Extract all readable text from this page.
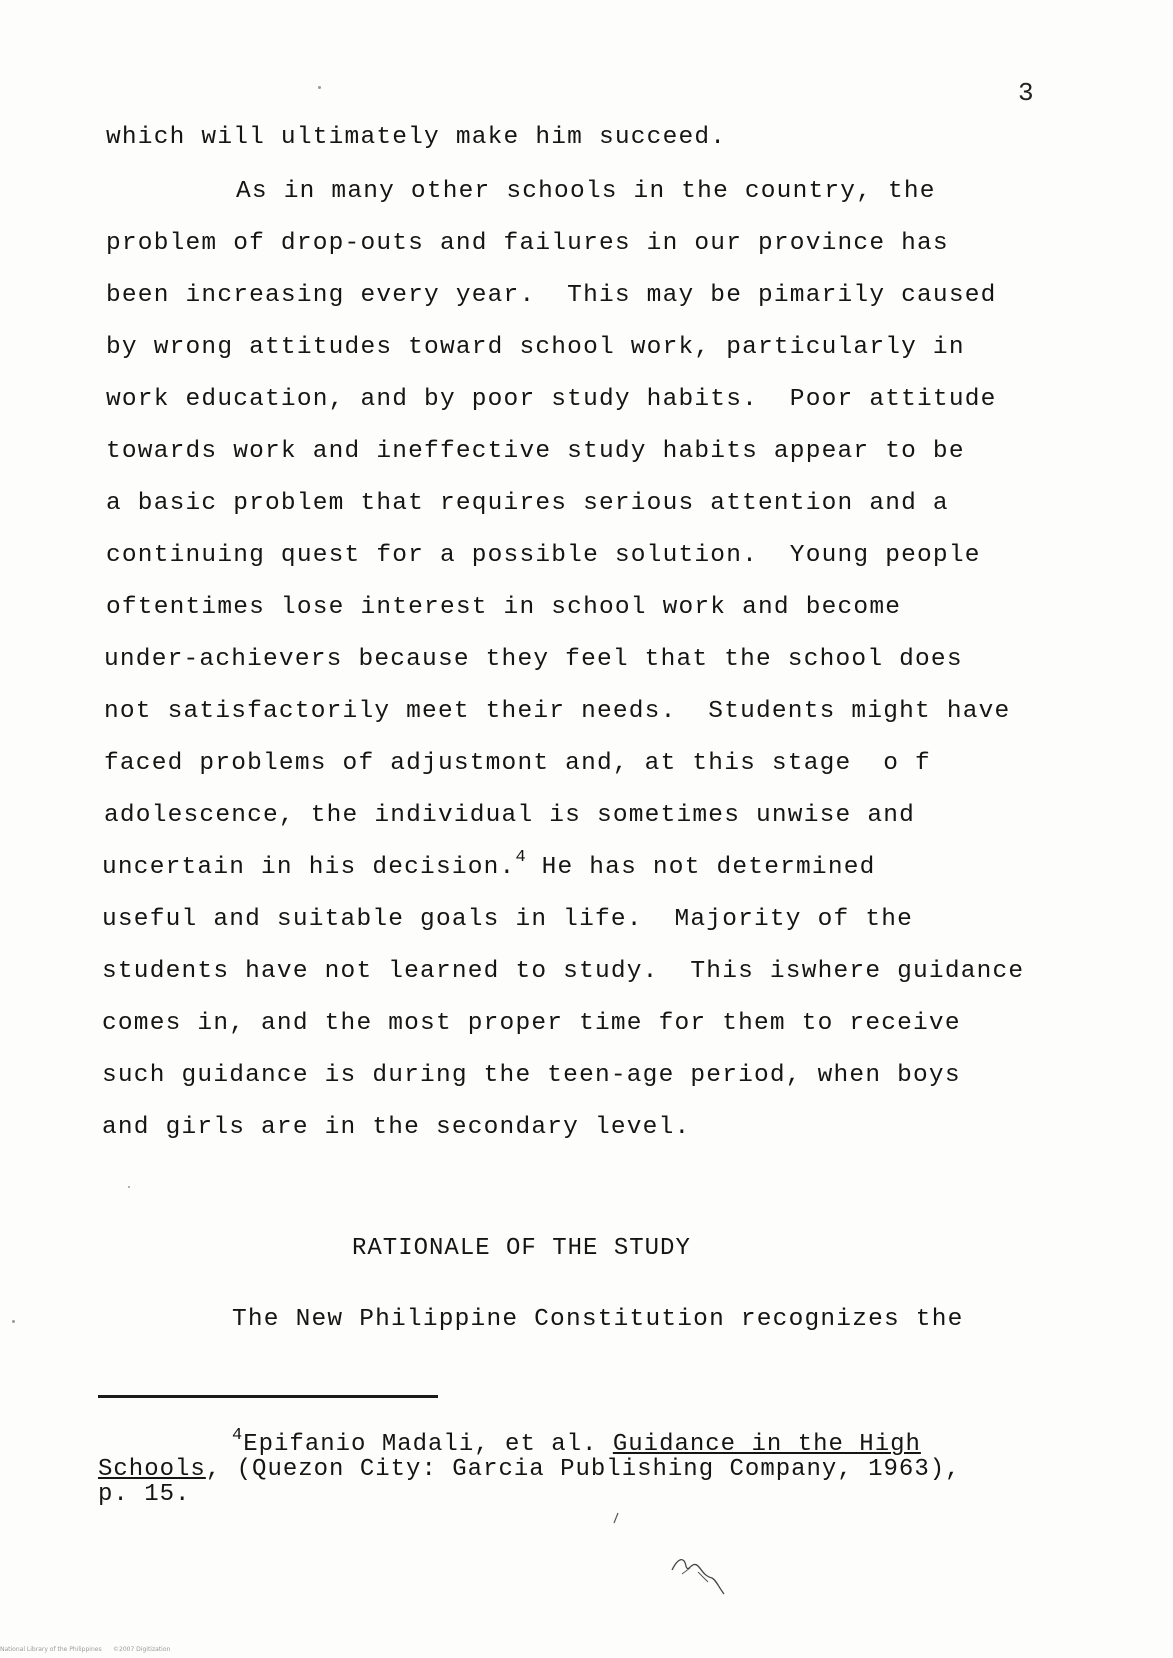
3
which will ultimately make him succeed.
As in many other schools in the country, the
problem of drop-outs and failures in our province has
been increasing every year.  This may be pimarily caused
by wrong attitudes toward school work, particularly in
work education, and by poor study habits.  Poor attitude
towards work and ineffective study habits appear to be
a basic problem that requires serious attention and a
continuing quest for a possible solution.  Young people
oftentimes lose interest in school work and become
under-achievers because they feel that the school does
not satisfactorily meet their needs.  Students might have
faced problems of adjustmont and, at this stage  o f
adolescence, the individual is sometimes unwise and
uncertain in his decision.$^4$ He has not determined
useful and suitable goals in life.  Majority of the
students have not learned to study.  This iswhere guidance
comes in, and the most proper time for them to receive
such guidance is during the teen-age period, when boys
and girls are in the secondary level.
RATIONALE OF THE STUDY
The New Philippine Constitution recognizes the
$^4$Epifanio Madali, et al. Guidance in the High
Schools, (Quezon City: Garcia Publishing Company, 1963),
p. 15.
National Library of the Philippines      ©2007 Digitization
